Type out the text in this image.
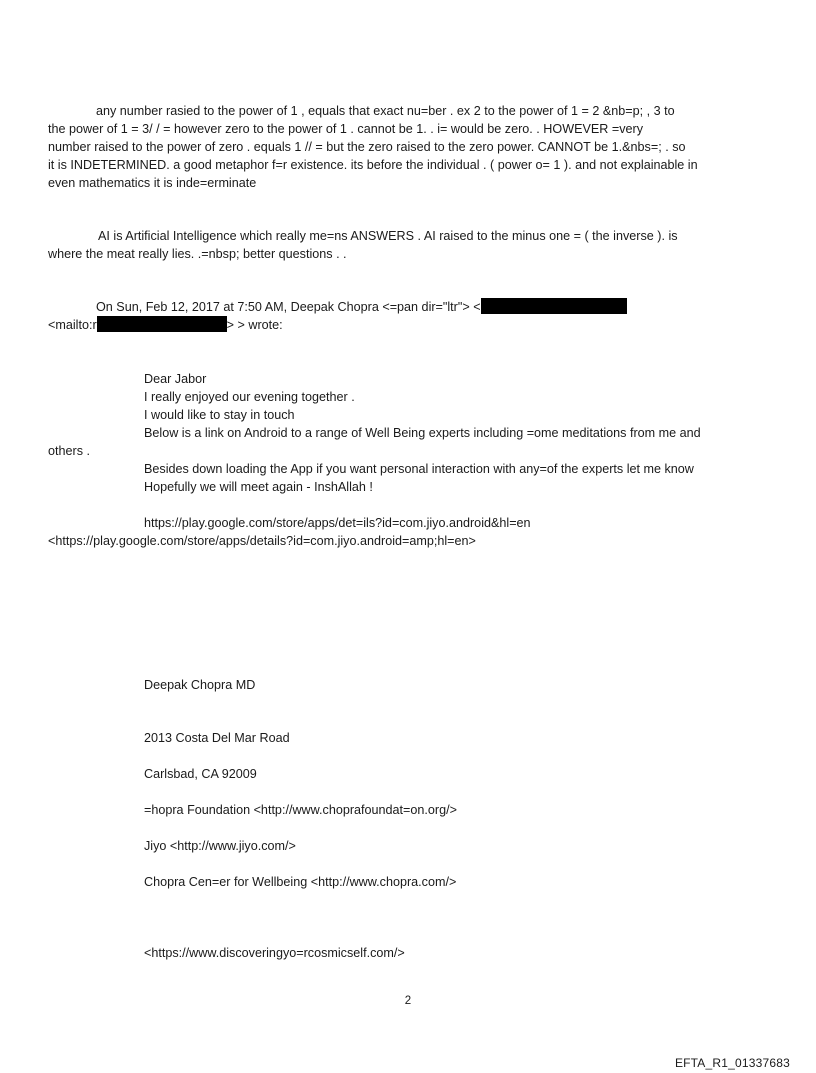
any number rasied to the power of 1 , equals that exact nu=ber . ex 2 to the power of 1 = 2 &nb=p; , 3 to
the power of 1 = 3/ / = however zero to the power of 1 . cannot be 1. . i= would be zero. . HOWEVER =very
number raised to the power of zero . equals 1 // = but the zero raised to the zero power. CANNOT be 1.&nbs=; . so
it is INDETERMINED. a good metaphor f=r existence. its before the individual . ( power o= 1 ). and not explainable in
even mathematics it is inde=erminate
AI is Artificial Intelligence which really me=ns ANSWERS . AI raised to the minus one = ( the inverse ). is
where the meat really lies. .=nbsp; better questions . .
On Sun, Feb 12, 2017 at 7:50 AM, Deepak Chopra <=pan dir="ltr"> <
<mailto:r	> > wrote:
Dear Jabor
I really enjoyed our evening together .
I would like to stay in touch
Below is a link on Android to a range of Well Being experts including =ome meditations from me and
others .
Besides down loading the App if you want personal interaction with any=of the experts let me know
Hopefully we will meet again - InshAllah !
https://play.google.com/store/apps/det=ils?id=com.jiyo.android&hl=en
<https://play.google.com/store/apps/details?id=com.jiyo.android=amp;hl=en>
Deepak Chopra MD
2013 Costa Del Mar Road
Carlsbad, CA 92009
=hopra Foundation <http://www.choprafoundat=on.org/>
Jiyo <http://www.jiyo.com/>
Chopra Cen=er for Wellbeing <http://www.chopra.com/>
<https://www.discoveringyo=rcosmicself.com/>
2
EFTA_R1_01337683
